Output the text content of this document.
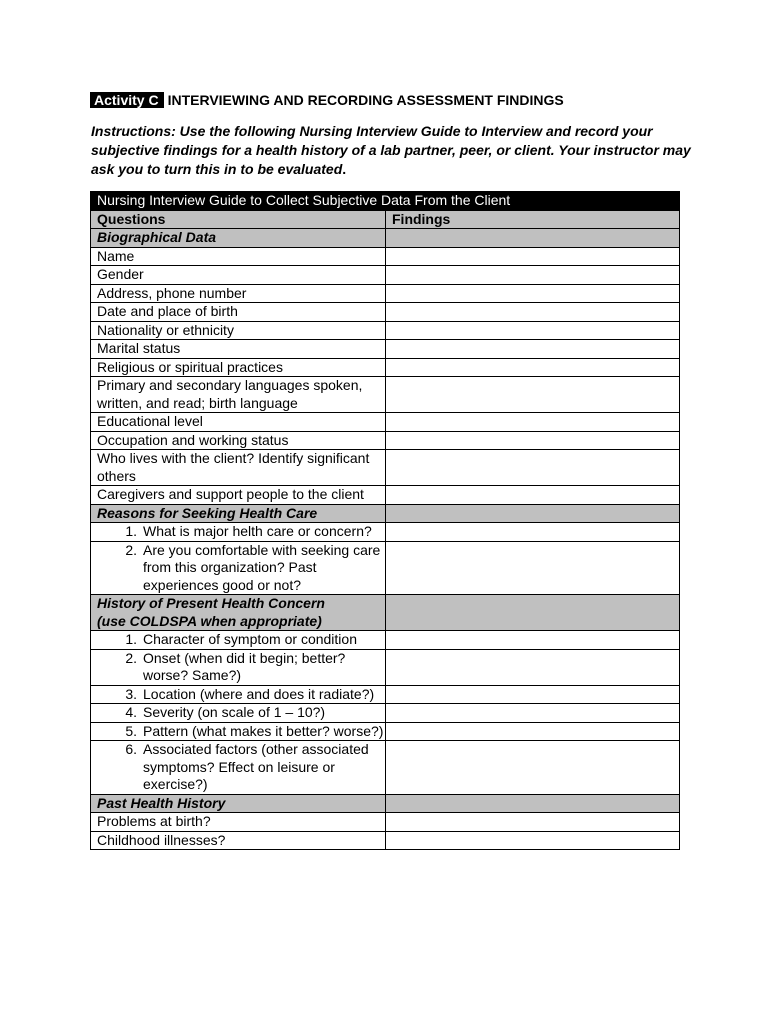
Activity C INTERVIEWING AND RECORDING ASSESSMENT FINDINGS
Instructions: Use the following Nursing Interview Guide to Interview and record your subjective findings for a health history of a lab partner, peer, or client. Your instructor may ask you to turn this in to be evaluated.
Nursing Interview Guide to Collect Subjective Data From the Client	
Questions	Findings
Biographical Data	
Name	
Gender	
Address, phone number	
Date and place of birth	
Nationality or ethnicity	
Marital status	
Religious or spiritual practices	
Primary and secondary languages spoken, written, and read; birth language	
Educational level	
Occupation and working status	
Who lives with the client? Identify significant others	
Caregivers and support people to the client	
Reasons for Seeking Health Care	

1. What is major helth care or concern?	

2. Are you comfortable with seeking care from this organization? Past experiences good or not?	

History of Present Health Concern
(use COLDSPA when appropriate)	

1. Character of symptom or condition	

2. Onset (when did it begin; better? worse? Same?)	

3. Location (where and does it radiate?)	

4. Severity (on scale of 1 – 10?)	

5. Pattern (what makes it better? worse?)	

6. Associated factors (other associated symptoms? Effect on leisure or exercise?)	

Past Health History	
Problems at birth?	
Childhood illnesses?	
